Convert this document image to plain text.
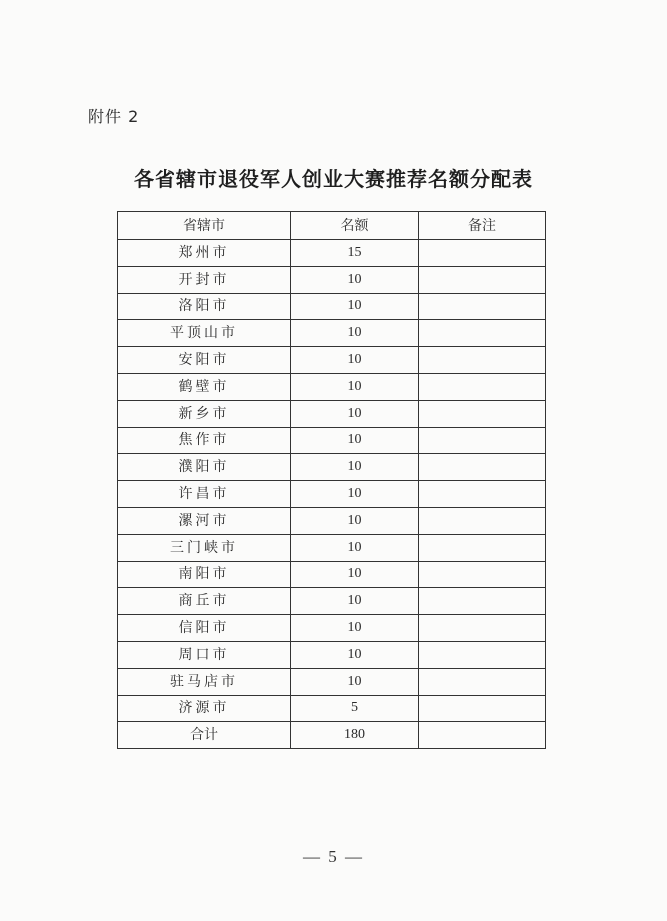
附件 2
各省辖市退役军人创业大赛推荐名额分配表
省辖市	名额	备注
郑州市	15	
开封市	10	
洛阳市	10	
平顶山市	10	
安阳市	10	
鹤壁市	10	
新乡市	10	
焦作市	10	
濮阳市	10	
许昌市	10	
漯河市	10	
三门峡市	10	
南阳市	10	
商丘市	10	
信阳市	10	
周口市	10	
驻马店市	10	
济源市	5	
合计	180	
— 5 —
